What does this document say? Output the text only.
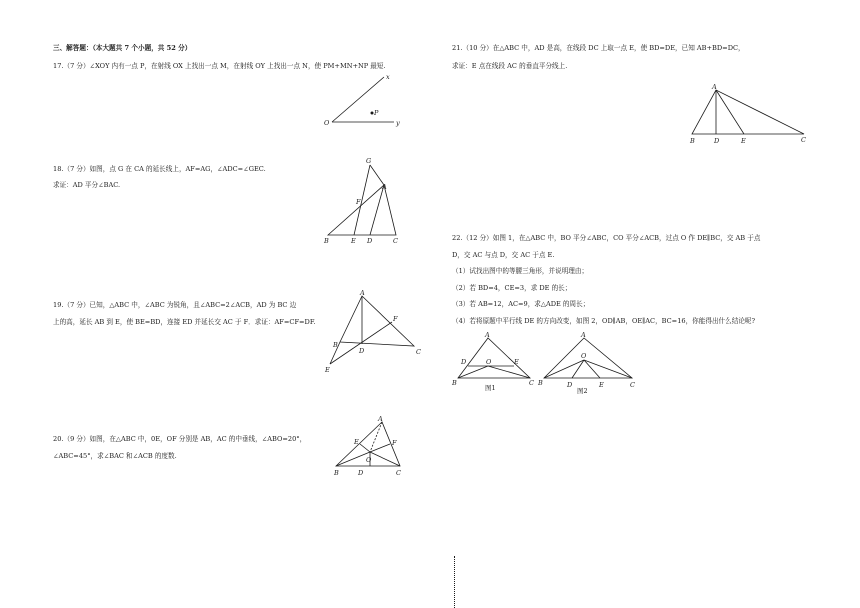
三、解答题：（本大题共 7 个小题，共 52 分）
17.（7 分）∠XOY 内有一点 P，在射线 OX 上找出一点 M，在射线 OY 上找出一点 N，使 PM+MN+NP 最短.
x
O	y
P
18.（7 分）如图，点 G 在 CA 的延长线上，AF=AG，∠ADC=∠GEC.
求证：AD 平分∠BAC.
G
A
F
B	E D	C
19.（7 分）已知，△ABC 中，∠ABC 为锐角，且∠ABC=2∠ACB，AD 为 BC 边
上的高，延长 AB 到 E，使 BE=BD，连接 ED 并延长交 AC 于 F．求证：AF=CF=DF.
A
F
B
D	C
E
20.（9 分）如图，在△ABC 中，0E，OF 分别是 AB，AC 的中垂线，∠ABO=20°，
∠ABC=45°，求∠BAC 和∠ACB 的度数.
A
E	F
O
B	D	C
21.（10 分）在△ABC 中，AD 是高，在线段 DC 上取一点 E，使 BD=DE，已知 AB+BD=DC，
求证：E 点在线段 AC 的垂直平分线上.
A
B	D	E	C
22.（12 分）如图 1，在△ABC 中，BO 平分∠ABC，CO 平分∠ACB，过点 O 作 DE∥BC，交 AB 于点
D，交 AC 与点 D，交 AC 于点 E.
（1）试找出图中的等腰三角形，并说明理由；
（2）若 BD=4，CE=3，求 DE 的长；
（3）若 AB=12，AC=9，求△ADE 的周长；
（4）若将原题中平行线 DE 的方向改变，如图 2，OD∥AB，OE∥AC，BC=16，你能得出什么结论呢?
A
D	O	E
B	C
图1
A
O
B	D	E	C
图2
